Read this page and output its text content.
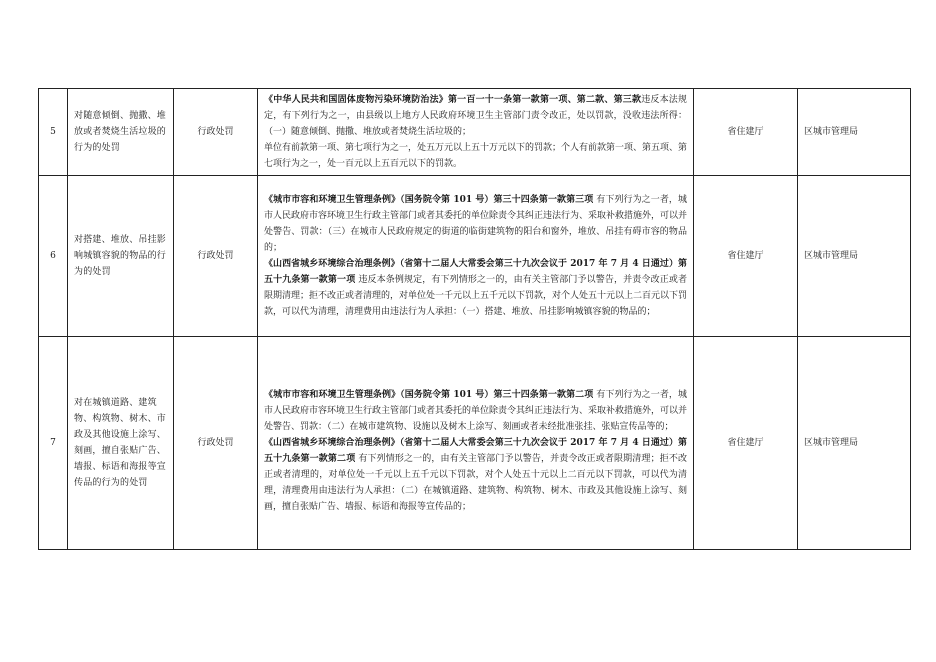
5	对随意倾倒、抛撒、堆放或者焚烧生活垃圾的行为的处罚	行政处罚	《中华人民共和国固体废物污染环境防治法》第一百一十一条第一款第一项、第二款、第三款违反本法规定，有下列行为之一，由县级以上地方人民政府环境卫生主管部门责令改正，处以罚款，没收违法所得：（一）随意倾倒、抛撒、堆放或者焚烧生活垃圾的；

单位有前款第一项、第七项行为之一，处五万元以上五十万元以下的罚款；个人有前款第一项、第五项、第七项行为之一，处一百元以上五百元以下的罚款。	省住建厅	区城市管理局
6	对搭建、堆放、吊挂影响城镇容貌的物品的行为的处罚	行政处罚	《城市市容和环境卫生管理条例》（国务院令第 101 号）第三十四条第一款第三项 有下列行为之一者，城市人民政府市容环境卫生行政主管部门或者其委托的单位除责令其纠正违法行为、采取补救措施外，可以并处警告、罚款：（三）在城市人民政府规定的街道的临街建筑物的阳台和窗外，堆放、吊挂有碍市容的物品的；

《山西省城乡环境综合治理条例》（省第十二届人大常委会第三十九次会议于 2017 年 7 月 4 日通过）第五十九条第一款第一项 违反本条例规定，有下列情形之一的，由有关主管部门予以警告，并责令改正或者限期清理；拒不改正或者清理的，对单位处一千元以上五千元以下罚款，对个人处五十元以上二百元以下罚款，可以代为清理，清理费用由违法行为人承担：（一）搭建、堆放、吊挂影响城镇容貌的物品的；	省住建厅	区城市管理局
7	对在城镇道路、建筑物、构筑物、树木、市政及其他设施上涂写、刻画，擅自张贴广告、墙报、标语和海报等宣传品的行为的处罚	行政处罚	《城市市容和环境卫生管理条例》（国务院令第 101 号）第三十四条第一款第二项 有下列行为之一者，城市人民政府市容环境卫生行政主管部门或者其委托的单位除责令其纠正违法行为、采取补救措施外，可以并处警告、罚款：（二）在城市建筑物、设施以及树木上涂写、刻画或者未经批准张挂、张贴宣传品等的；

《山西省城乡环境综合治理条例》（省第十二届人大常委会第三十九次会议于 2017 年 7 月 4 日通过）第五十九条第一款第二项 有下列情形之一的，由有关主管部门予以警告，并责令改正或者限期清理；拒不改正或者清理的，对单位处一千元以上五千元以下罚款，对个人处五十元以上二百元以下罚款，可以代为清理，清理费用由违法行为人承担：（二）在城镇道路、建筑物、构筑物、树木、市政及其他设施上涂写、刻画，擅自张贴广告、墙报、标语和海报等宣传品的；	省住建厅	区城市管理局
